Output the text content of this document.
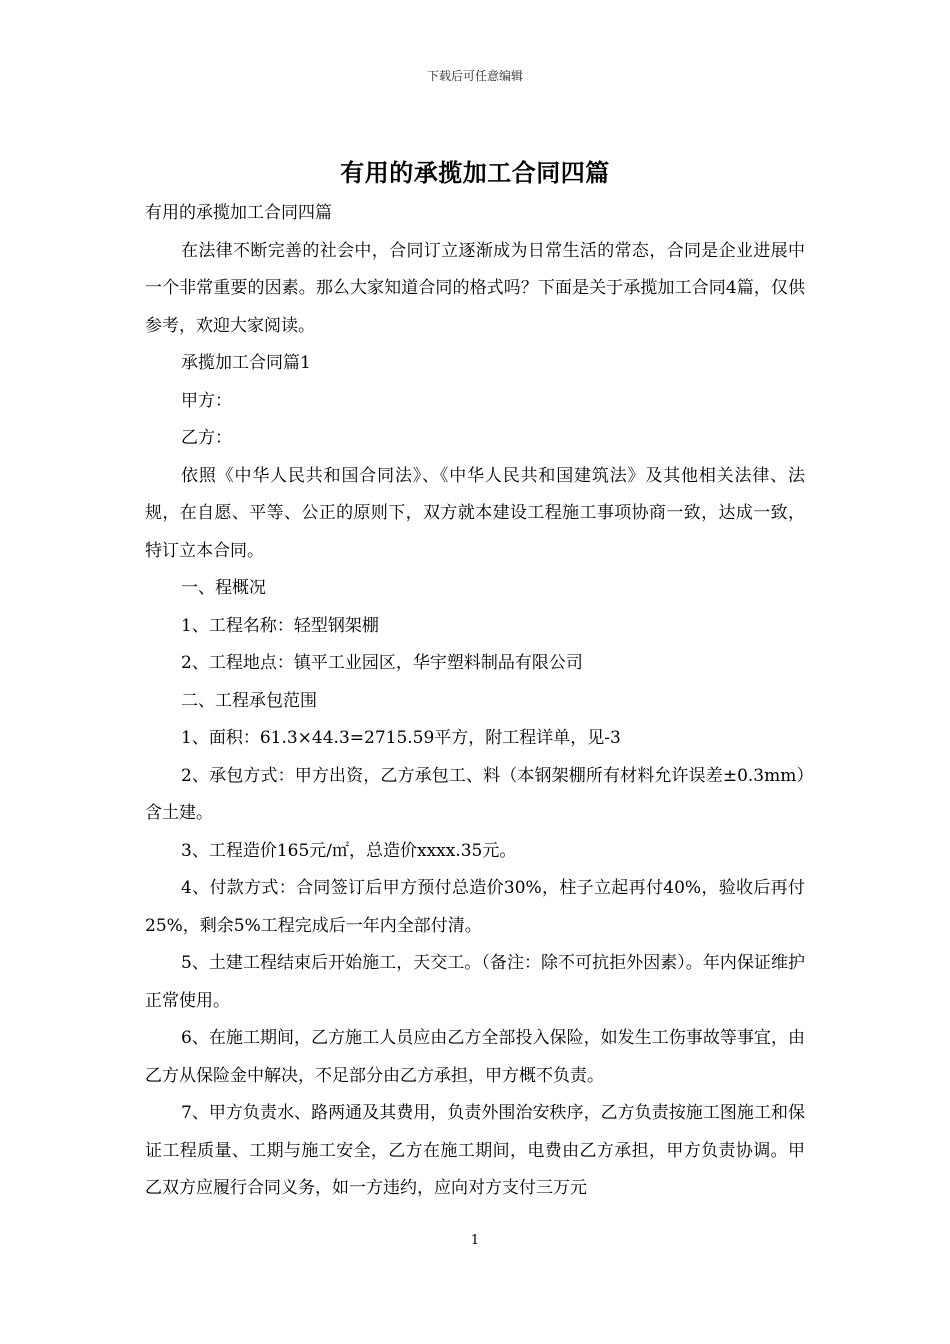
下载后可任意编辑
有用的承揽加工合同四篇

有用的承揽加工合同四篇

在法律不断完善的社会中，合同订立逐渐成为日常生活的常态，合同是企业进展中一个非常重要的因素。那么大家知道合同的格式吗？下面是关于承揽加工合同4篇，仅供参考，欢迎大家阅读。

承揽加工合同篇1

甲方：

乙方：

依照《中华人民共和国合同法》、《中华人民共和国建筑法》及其他相关法律、法规，在自愿、平等、公正的原则下，双方就本建设工程施工事项协商一致，达成一致，特订立本合同。

一、程概况

1、工程名称：轻型钢架棚

2、工程地点：镇平工业园区，华宇塑料制品有限公司

二、工程承包范围

1、面积：61.3×44.3=2715.59平方，附工程详单，见-3

2、承包方式：甲方出资，乙方承包工、料（本钢架棚所有材料允许误差±0.3mm）含土建。

3、工程造价165元/㎡，总造价xxxx.35元。

4、付款方式：合同签订后甲方预付总造价30%，柱子立起再付40%，验收后再付25%，剩余5%工程完成后一年内全部付清。

5、土建工程结束后开始施工，天交工。（备注：除不可抗拒外因素）。年内保证维护正常使用。

6、在施工期间，乙方施工人员应由乙方全部投入保险，如发生工伤事故等事宜，由乙方从保险金中解决，不足部分由乙方承担，甲方概不负责。

7、甲方负责水、路两通及其费用，负责外围治安秩序，乙方负责按施工图施工和保证工程质量、工期与施工安全，乙方在施工期间，电费由乙方承担，甲方负责协调。甲乙双方应履行合同义务，如一方违约，应向对方支付三万元

1
